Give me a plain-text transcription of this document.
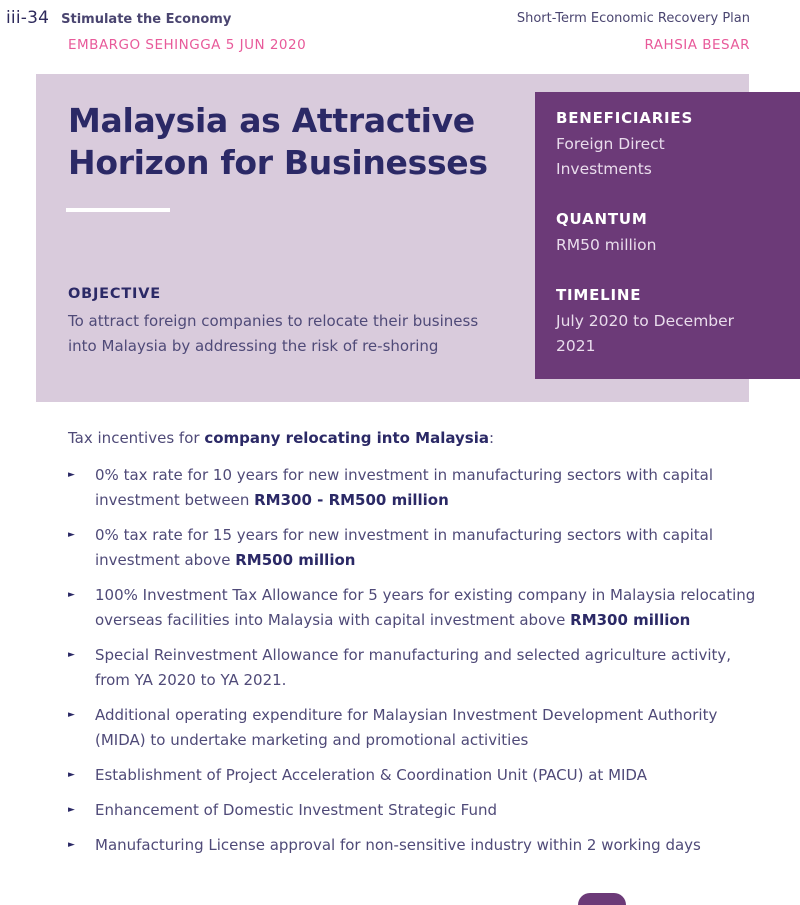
iii-34 Stimulate the Economy	Short-Term Economic Recovery Plan
EMBARGO SEHINGGA 5 JUN 2020	RAHSIA BESAR
Malaysia as Attractive
Horizon for Businesses
OBJECTIVE

To attract foreign companies to relocate their business
into Malaysia by addressing the risk of re-shoring

BENEFICIARIES

Foreign Direct
Investments

QUANTUM

RM50 million

TIMELINE

July 2020 to December
2021

Tax incentives for company relocating into Malaysia:

► 0% tax rate for 10 years for new investment in manufacturing sectors with capital investment between RM300 - RM500 million
► 0% tax rate for 15 years for new investment in manufacturing sectors with capital investment above RM500 million
► 100% Investment Tax Allowance for 5 years for existing company in Malaysia relocating overseas facilities into Malaysia with capital investment above RM300 million
► Special Reinvestment Allowance for manufacturing and selected agriculture activity, from YA 2020 to YA 2021.
► Additional operating expenditure for Malaysian Investment Development Authority (MIDA) to undertake marketing and promotional activities
► Establishment of Project Acceleration & Coordination Unit (PACU) at MIDA
► Enhancement of Domestic Investment Strategic Fund
► Manufacturing License approval for non-sensitive industry within 2 working days
